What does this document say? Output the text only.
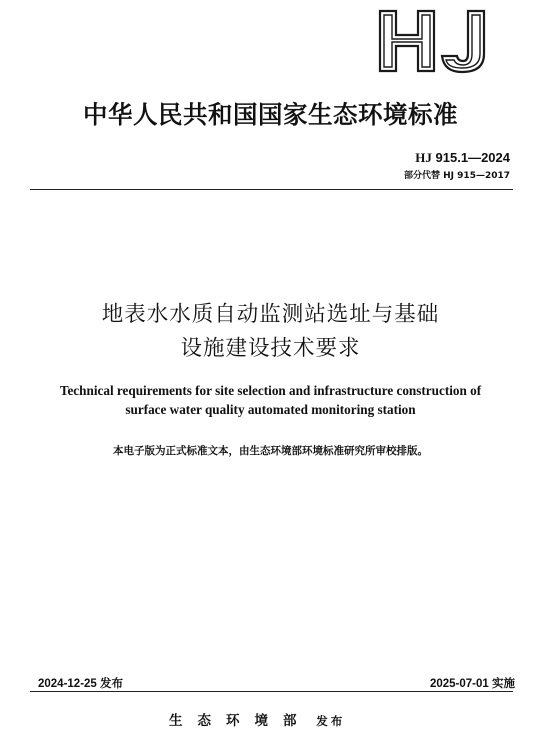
中华人民共和国国家生态环境标准
HJ 915.1—2024
部分代替 HJ 915—2017
地表水水质自动监测站选址与基础
设施建设技术要求
Technical requirements for site selection and infrastructure construction of
surface water quality automated monitoring station
本电子版为正式标准文本，由生态环境部环境标准研究所审校排版。
2024-12-25 发布	2025-07-01 实施
生态环境部 发布
